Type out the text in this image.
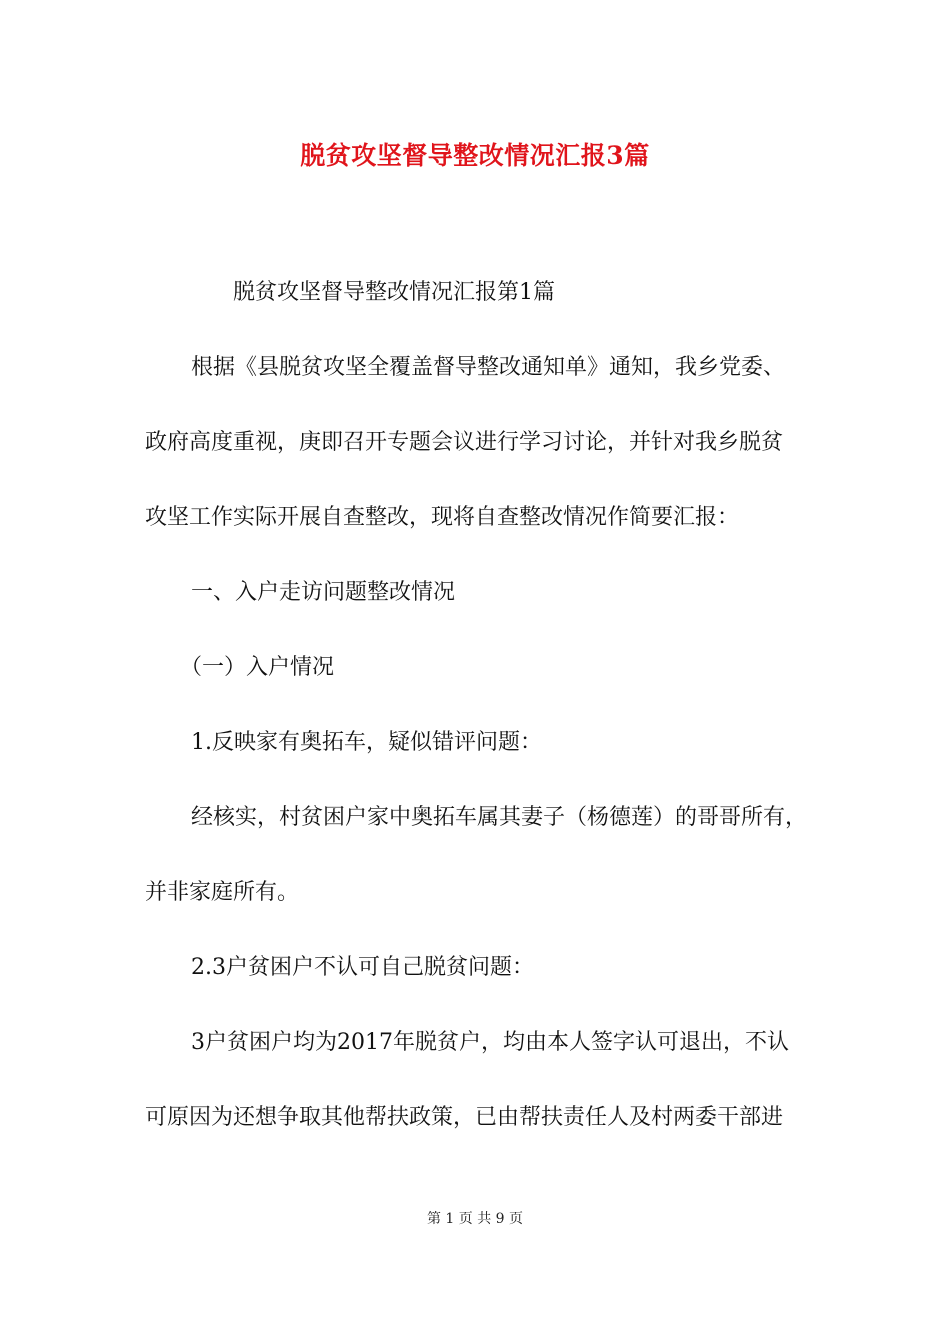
脱贫攻坚督导整改情况汇报3篇
脱贫攻坚督导整改情况汇报第1篇
根据《县脱贫攻坚全覆盖督导整改通知单》通知，我乡党委、
政府高度重视，庚即召开专题会议进行学习讨论，并针对我乡脱贫
攻坚工作实际开展自查整改，现将自查整改情况作简要汇报：
一、入户走访问题整改情况
（一）入户情况
1.反映家有奥拓车，疑似错评问题：
经核实，村贫困户家中奥拓车属其妻子（杨德莲）的哥哥所有，
并非家庭所有。
2.3户贫困户不认可自己脱贫问题：
3户贫困户均为2017年脱贫户，均由本人签字认可退出，不认
可原因为还想争取其他帮扶政策，已由帮扶责任人及村两委干部进
第 1 页 共 9 页
